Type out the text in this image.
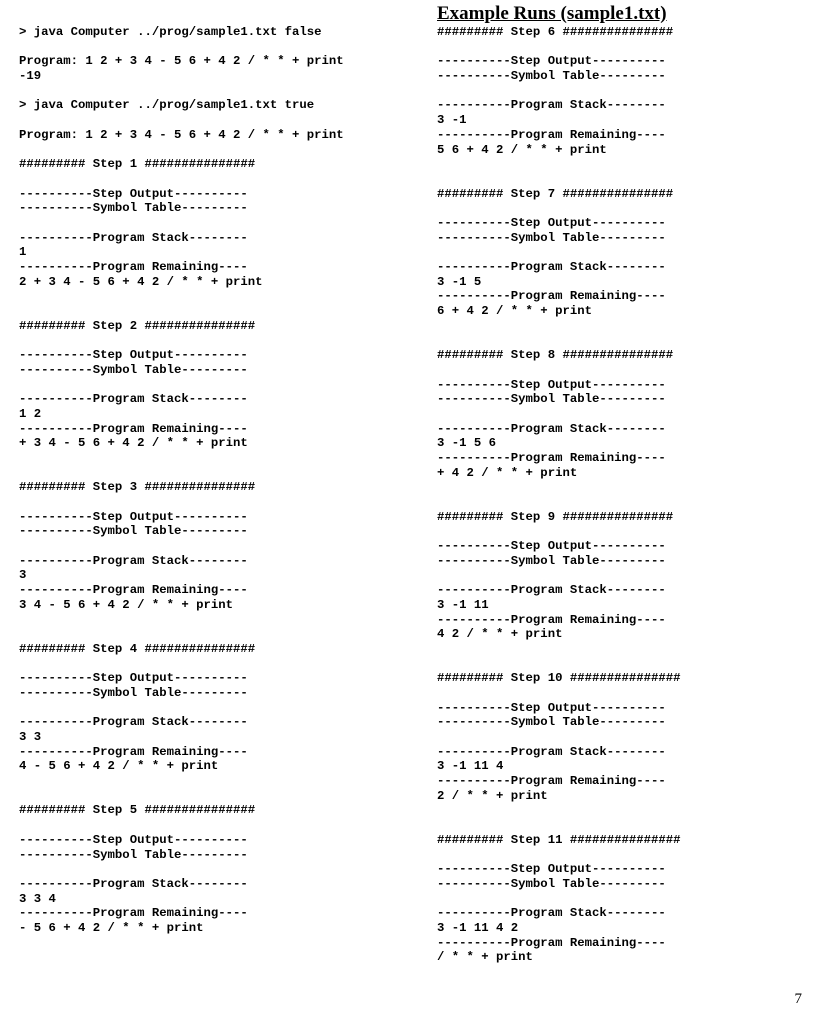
Example Runs (sample1.txt)
> java Computer ../prog/sample1.txt false
Program: 1 2 + 3 4 - 5 6 + 4 2 / * * + print
-19
> java Computer ../prog/sample1.txt true
Program: 1 2 + 3 4 - 5 6 + 4 2 / * * + print
######### Step 1 ###############
----------Step Output----------
----------Symbol Table---------
----------Program Stack--------
1
----------Program Remaining----
2 + 3 4 - 5 6 + 4 2 / * * + print
######### Step 2 ###############
----------Step Output----------
----------Symbol Table---------
----------Program Stack--------
1 2
----------Program Remaining----
+ 3 4 - 5 6 + 4 2 / * * + print
######### Step 3 ###############
----------Step Output----------
----------Symbol Table---------
----------Program Stack--------
3
----------Program Remaining----
3 4 - 5 6 + 4 2 / * * + print
######### Step 4 ###############
----------Step Output----------
----------Symbol Table---------
----------Program Stack--------
3 3
----------Program Remaining----
4 - 5 6 + 4 2 / * * + print
######### Step 5 ###############
----------Step Output----------
----------Symbol Table---------
----------Program Stack--------
3 3 4
----------Program Remaining----
- 5 6 + 4 2 / * * + print
######### Step 6 ###############
----------Step Output----------
----------Symbol Table---------
----------Program Stack--------
3 -1
----------Program Remaining----
5 6 + 4 2 / * * + print
######### Step 7 ###############
----------Step Output----------
----------Symbol Table---------
----------Program Stack--------
3 -1 5
----------Program Remaining----
6 + 4 2 / * * + print
######### Step 8 ###############
----------Step Output----------
----------Symbol Table---------
----------Program Stack--------
3 -1 5 6
----------Program Remaining----
+ 4 2 / * * + print
######### Step 9 ###############
----------Step Output----------
----------Symbol Table---------
----------Program Stack--------
3 -1 11
----------Program Remaining----
4 2 / * * + print
######### Step 10 ###############
----------Step Output----------
----------Symbol Table---------
----------Program Stack--------
3 -1 11 4
----------Program Remaining----
2 / * * + print
######### Step 11 ###############
----------Step Output----------
----------Symbol Table---------
----------Program Stack--------
3 -1 11 4 2
----------Program Remaining----
/ * * + print
7
